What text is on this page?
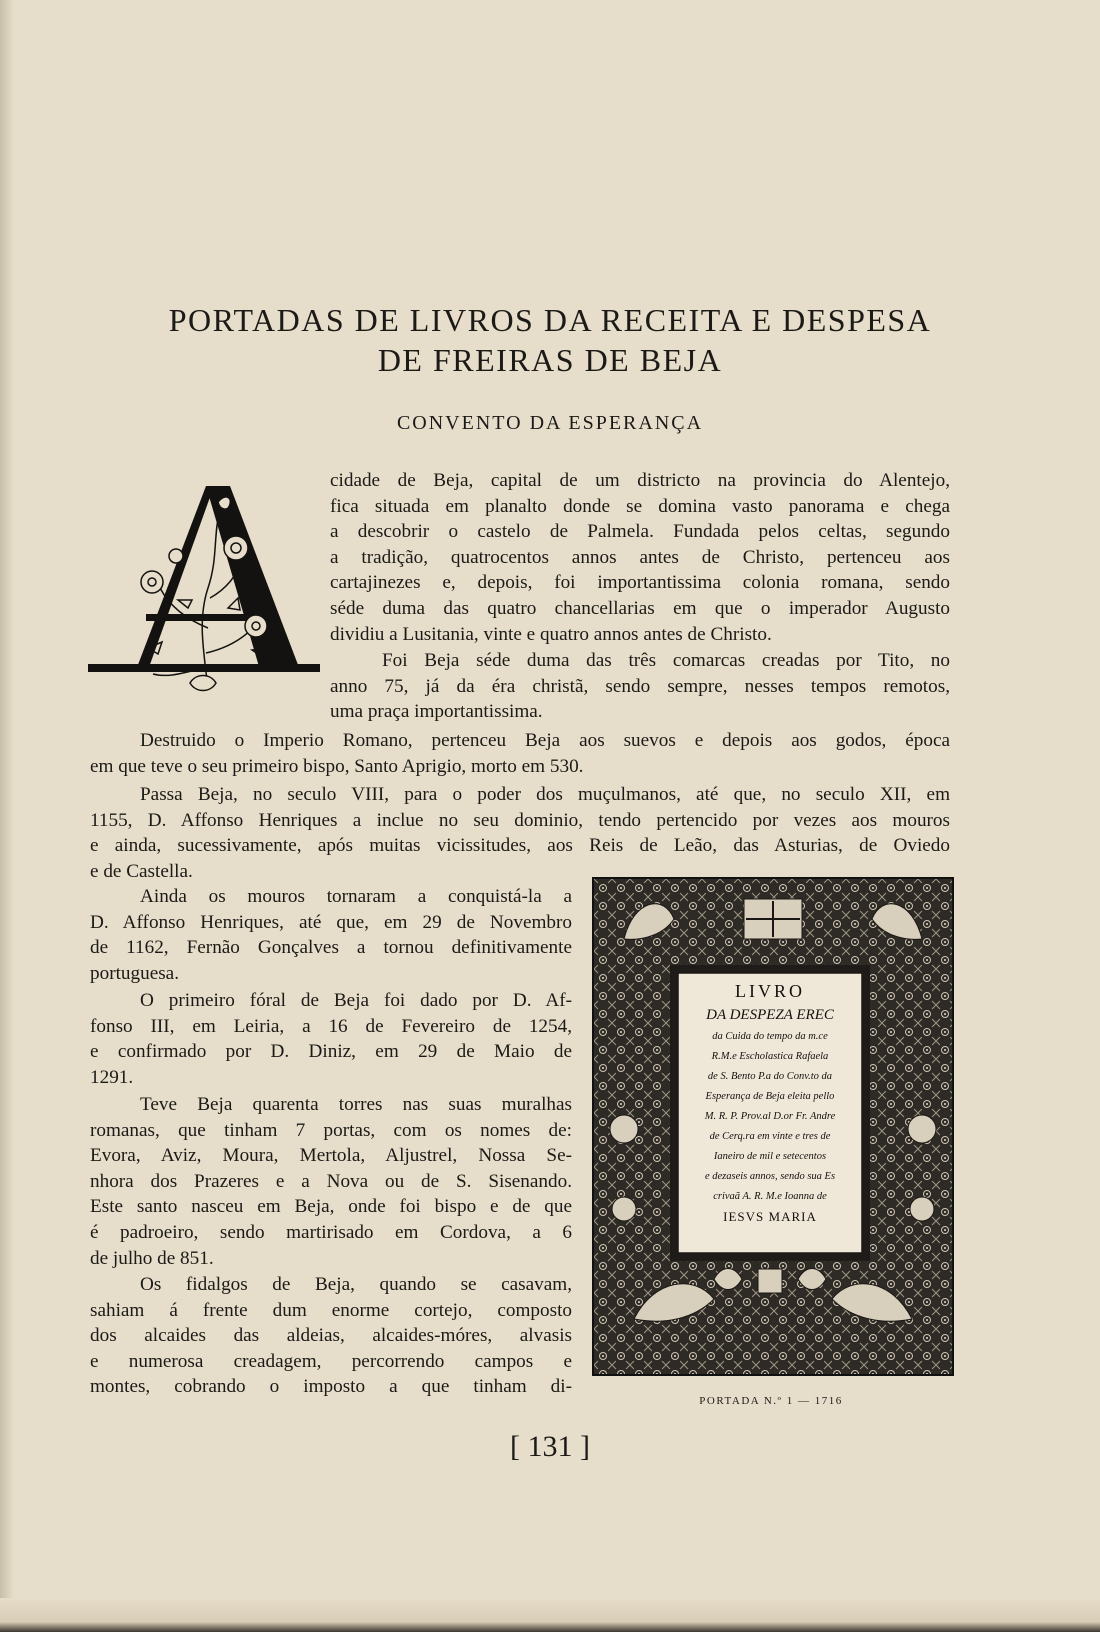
PORTADAS DE LIVROS DA RECEITA E DESPESA
DE FREIRAS DE BEJA
CONVENTO DA ESPERANÇA
A	cidade de Beja, capital de um districto na provincia do Alentejo,
fica situada em planalto donde se domina vasto panorama e chega
a descobrir o castelo de Palmela. Fundada pelos celtas, segundo
a tradição, quatrocentos annos antes de Christo, pertenceu aos
cartajinezes e, depois, foi importantissima colonia romana, sendo
séde duma das quatro chancellarias em que o imperador Augusto
dividiu a Lusitania, vinte e quatro annos antes de Christo.
Foi Beja séde duma das três comarcas creadas por Tito, no
anno 75, já da éra christã, sendo sempre, nesses tempos remotos,
uma praça importantissima.
Destruido o Imperio Romano, pertenceu Beja aos suevos e depois aos godos, época
em que teve o seu primeiro bispo, Santo Aprigio, morto em 530.
Passa Beja, no seculo VIII, para o poder dos muçulmanos, até que, no seculo XII, em
1155, D. Affonso Henriques a inclue no seu dominio, tendo pertencido por vezes aos mouros
e ainda, sucessivamente, após muitas vicissitudes, aos Reis de Leão, das Asturias, de Oviedo
e de Castella.
Ainda os mouros tornaram a conquistá-la a
D. Affonso Henriques, até que, em 29 de Novembro
de 1162, Fernão Gonçalves a tornou definitivamente
portuguesa.
O primeiro fóral de Beja foi dado por D. Af-
fonso III, em Leiria, a 16 de Fevereiro de 1254,
e confirmado por D. Diniz, em 29 de Maio de
1291.
Teve Beja quarenta torres nas suas muralhas
romanas, que tinham 7 portas, com os nomes de:
Evora, Aviz, Moura, Mertola, Aljustrel, Nossa Se-
nhora dos Prazeres e a Nova ou de S. Sisenando.
Este santo nasceu em Beja, onde foi bispo e de que
é padroeiro, sendo martirisado em Cordova, a 6
de julho de 851.
Os fidalgos de Beja, quando se casavam,
sahiam á frente dum enorme cortejo, composto
dos alcaides das aldeias, alcaides-móres, alvasis
e numerosa creadagem, percorrendo campos e
montes, cobrando o imposto a que tinham di-
LIVRO
DA DESPEZA EREC
da Cuida do tempo da m.ce
R.M.e Escholastica Rafaela
de S. Bento P.a do Conv.to da
Esperança de Beja eleita pello
M. R. P. Prov.al D.or Fr. Andre
de Cerq.ra em vinte e tres de
Ianeiro de mil e setecentos
e dezaseis annos, sendo sua Es
crivaã A. R. M.e Ioanna de
IESVS MARIA

PORTADA N.º 1 — 1716

[ 131 ]
